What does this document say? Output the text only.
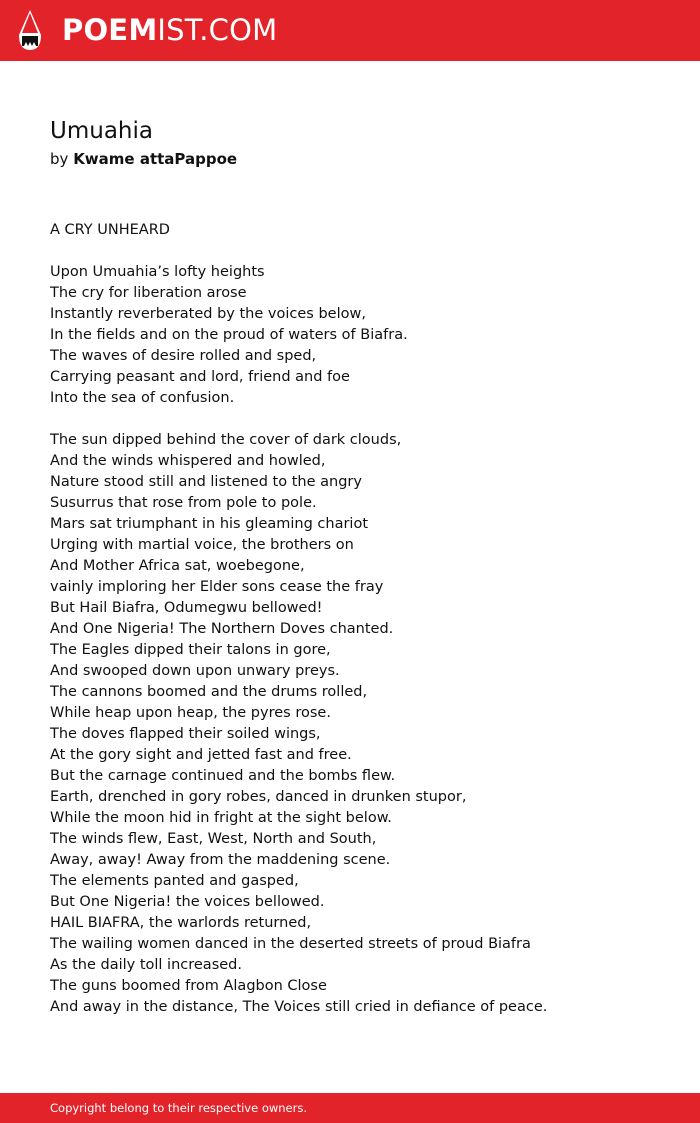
POEMIST.COM
Umuahia
by Kwame attaPappoe
A CRY UNHEARD
Upon Umuahia’s lofty heights
The cry for liberation arose
Instantly reverberated by the voices below,
In the fields and on the proud of waters of Biafra.
The waves of desire rolled and sped,
Carrying peasant and lord, friend and foe
Into the sea of confusion.
The sun dipped behind the cover of dark clouds,
And the winds whispered and howled,
Nature stood still and listened to the angry
Susurrus that rose from pole to pole.
Mars sat triumphant in his gleaming chariot
Urging with martial voice, the brothers on
And Mother Africa sat, woebegone,
vainly imploring her Elder sons cease the fray
But Hail Biafra, Odumegwu bellowed!
And One Nigeria! The Northern Doves chanted.
The Eagles dipped their talons in gore,
And swooped down upon unwary preys.
The cannons boomed and the drums rolled,
While heap upon heap, the pyres rose.
The doves flapped their soiled wings,
At the gory sight and jetted fast and free.
But the carnage continued and the bombs flew.
Earth, drenched in gory robes, danced in drunken stupor,
While the moon hid in fright at the sight below.
The winds flew, East, West, North and South,
Away, away! Away from the maddening scene.
The elements panted and gasped,
But One Nigeria! the voices bellowed.
HAIL BIAFRA, the warlords returned,
The wailing women danced in the deserted streets of proud Biafra
As the daily toll increased.
The guns boomed from Alagbon Close
And away in the distance, The Voices still cried in defiance of peace.
Copyright belong to their respective owners.
